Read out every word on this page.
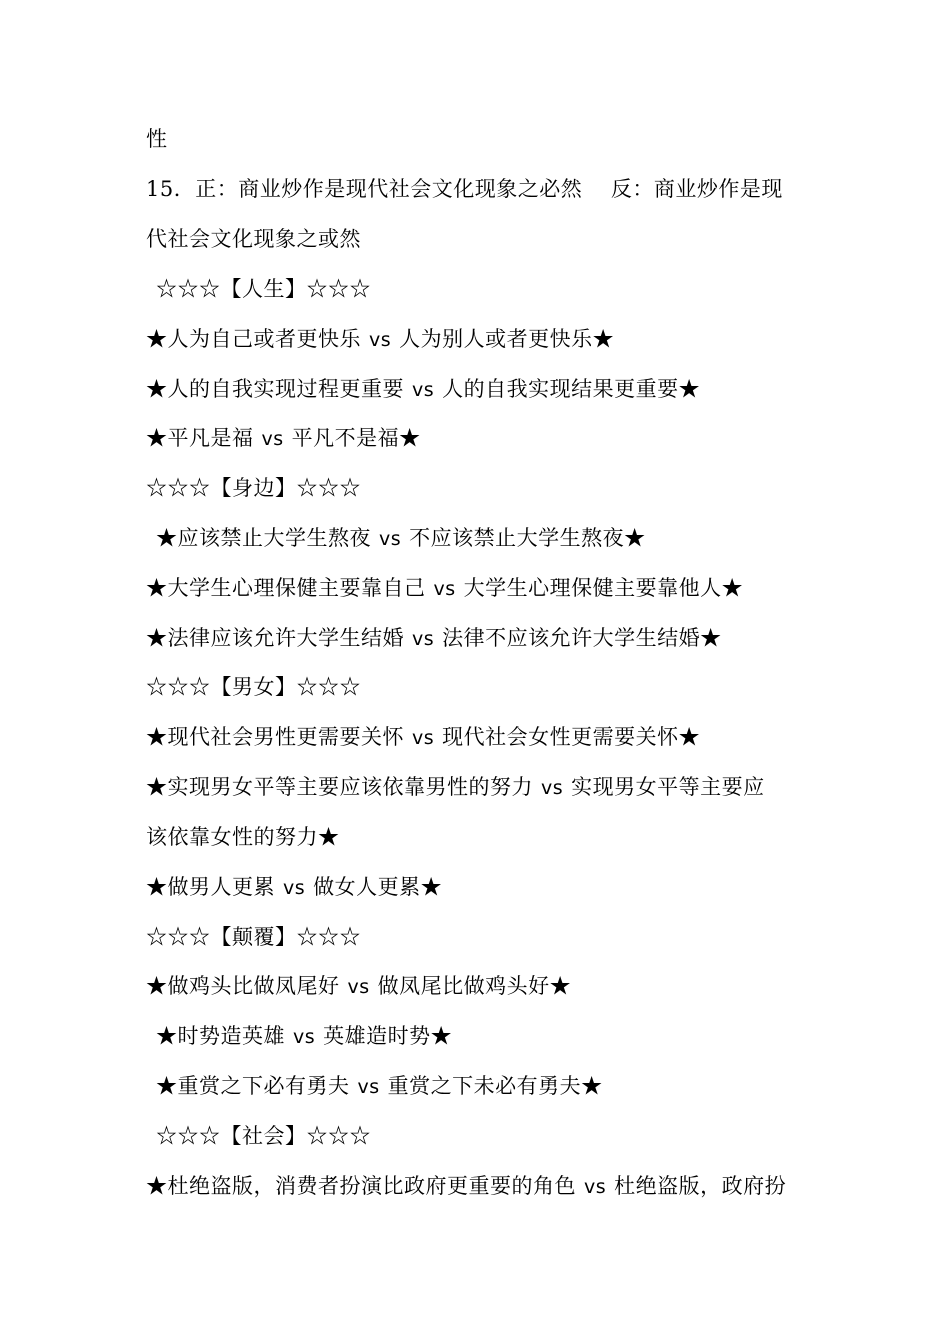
性
15．正：商业炒作是现代社会文化现象之必然　 反：商业炒作是现
代社会文化现象之或然
☆☆☆【人生】☆☆☆
★人为自己或者更快乐 vs 人为别人或者更快乐★
★人的自我实现过程更重要 vs 人的自我实现结果更重要★
★平凡是福 vs 平凡不是福★
☆☆☆【身边】☆☆☆
★应该禁止大学生熬夜 vs 不应该禁止大学生熬夜★
★大学生心理保健主要靠自己 vs 大学生心理保健主要靠他人★
★法律应该允许大学生结婚 vs 法律不应该允许大学生结婚★
☆☆☆【男女】☆☆☆
★现代社会男性更需要关怀 vs 现代社会女性更需要关怀★
★实现男女平等主要应该依靠男性的努力 vs 实现男女平等主要应
该依靠女性的努力★
★做男人更累 vs 做女人更累★
☆☆☆【颠覆】☆☆☆
★做鸡头比做凤尾好 vs 做凤尾比做鸡头好★
★时势造英雄 vs 英雄造时势★
★重赏之下必有勇夫 vs 重赏之下未必有勇夫★
☆☆☆【社会】☆☆☆
★杜绝盗版，消费者扮演比政府更重要的角色 vs 杜绝盗版，政府扮
